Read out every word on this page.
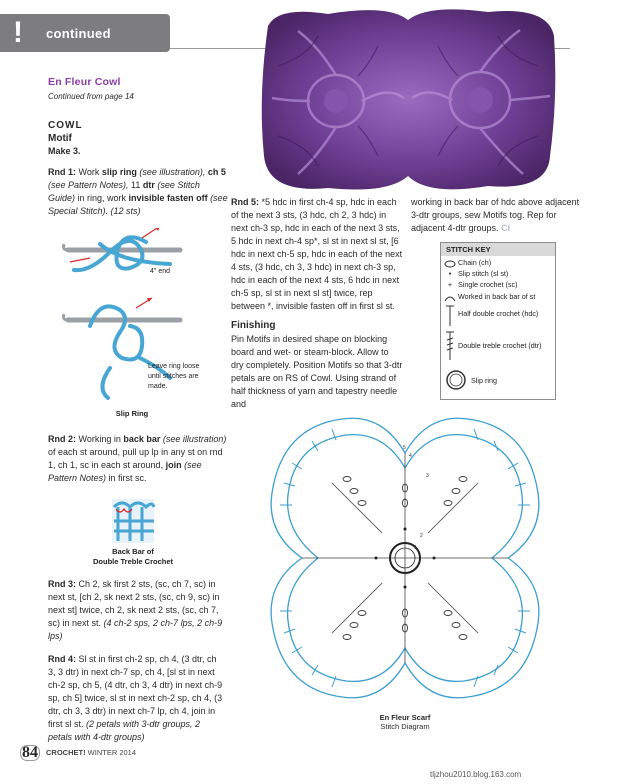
! continued
En Fleur Cowl
Continued from page 14
COWL
Motif
Make 3.

Rnd 1: Work slip ring (see illustration), ch 5 (see Pattern Notes), 11 dtr (see Stitch Guide) in ring, work invisible fasten off (see Special Stitch). (12 sts)

4" end
Leave ring loose until stitches are made.
Slip Ring
Rnd 2: Working in back bar (see illustration) of each st around, pull up lp in any st on rnd 1, ch 1, sc in each st around, join (see Pattern Notes) in first sc.
Back Bar of
Double Treble Crochet

Rnd 3: Ch 2, sk first 2 sts, (sc, ch 7, sc) in next st, [ch 2, sk next 2 sts, (sc, ch 9, sc) in next st] twice, ch 2, sk next 2 sts, (sc, ch 7, sc) in next st. (4 ch-2 sps, 2 ch-7 lps, 2 ch-9 lps)

Rnd 4: Sl st in first ch-2 sp, ch 4, (3 dtr, ch 3, 3 dtr) in next ch-7 sp, ch 4, [sl st in next ch-2 sp, ch 5, (4 dtr, ch 3, 4 dtr) in next ch-9 sp, ch 5] twice, sl st in next ch-2 sp, ch 4, (3 dtr, ch 3, 3 dtr) in next ch-7 lp, ch 4, join in first sl st. (2 petals with 3-dtr groups, 2 petals with 4-dtr groups)

Rnd 5: *5 hdc in first ch-4 sp, hdc in each of the next 3 sts, (3 hdc, ch 2, 3 hdc) in next ch-3 sp, hdc in each of the next 3 sts, 5 hdc in next ch-4 sp*, sl st in next sl st, [6 hdc in next ch-5 sp, hdc in each of the next 4 sts, (3 hdc, ch 3, 3 hdc) in next ch-3 sp, hdc in each of the next 4 sts, 6 hdc in next ch-5 sp, sl st in next sl st] twice, rep between *, invisible fasten off in first sl st.

Finishing
Pin Motifs in desired shape on blocking board and wet- or steam-block. Allow to dry completely. Position Motifs so that 3-dtr petals are on RS of Cowl. Using strand of half thickness of yarn and tapestry needle and
working in back bar of hdc above adjacent 3-dtr groups, sew Motifs tog. Rep for adjacent 4-dtr groups. CI
STITCH KEY
Chain (ch)
• Slip stitch (sl st)
+ Single crochet (sc)
Worked in back bar of st
Half double crochet (hdc)
Double treble crochet (dtr)
Slip ring
5
4
3
2
1
En Fleur Scarf
Stitch Diagram
84 CROCHET! WINTER 2014
tljzhou2010.blog.163.com
